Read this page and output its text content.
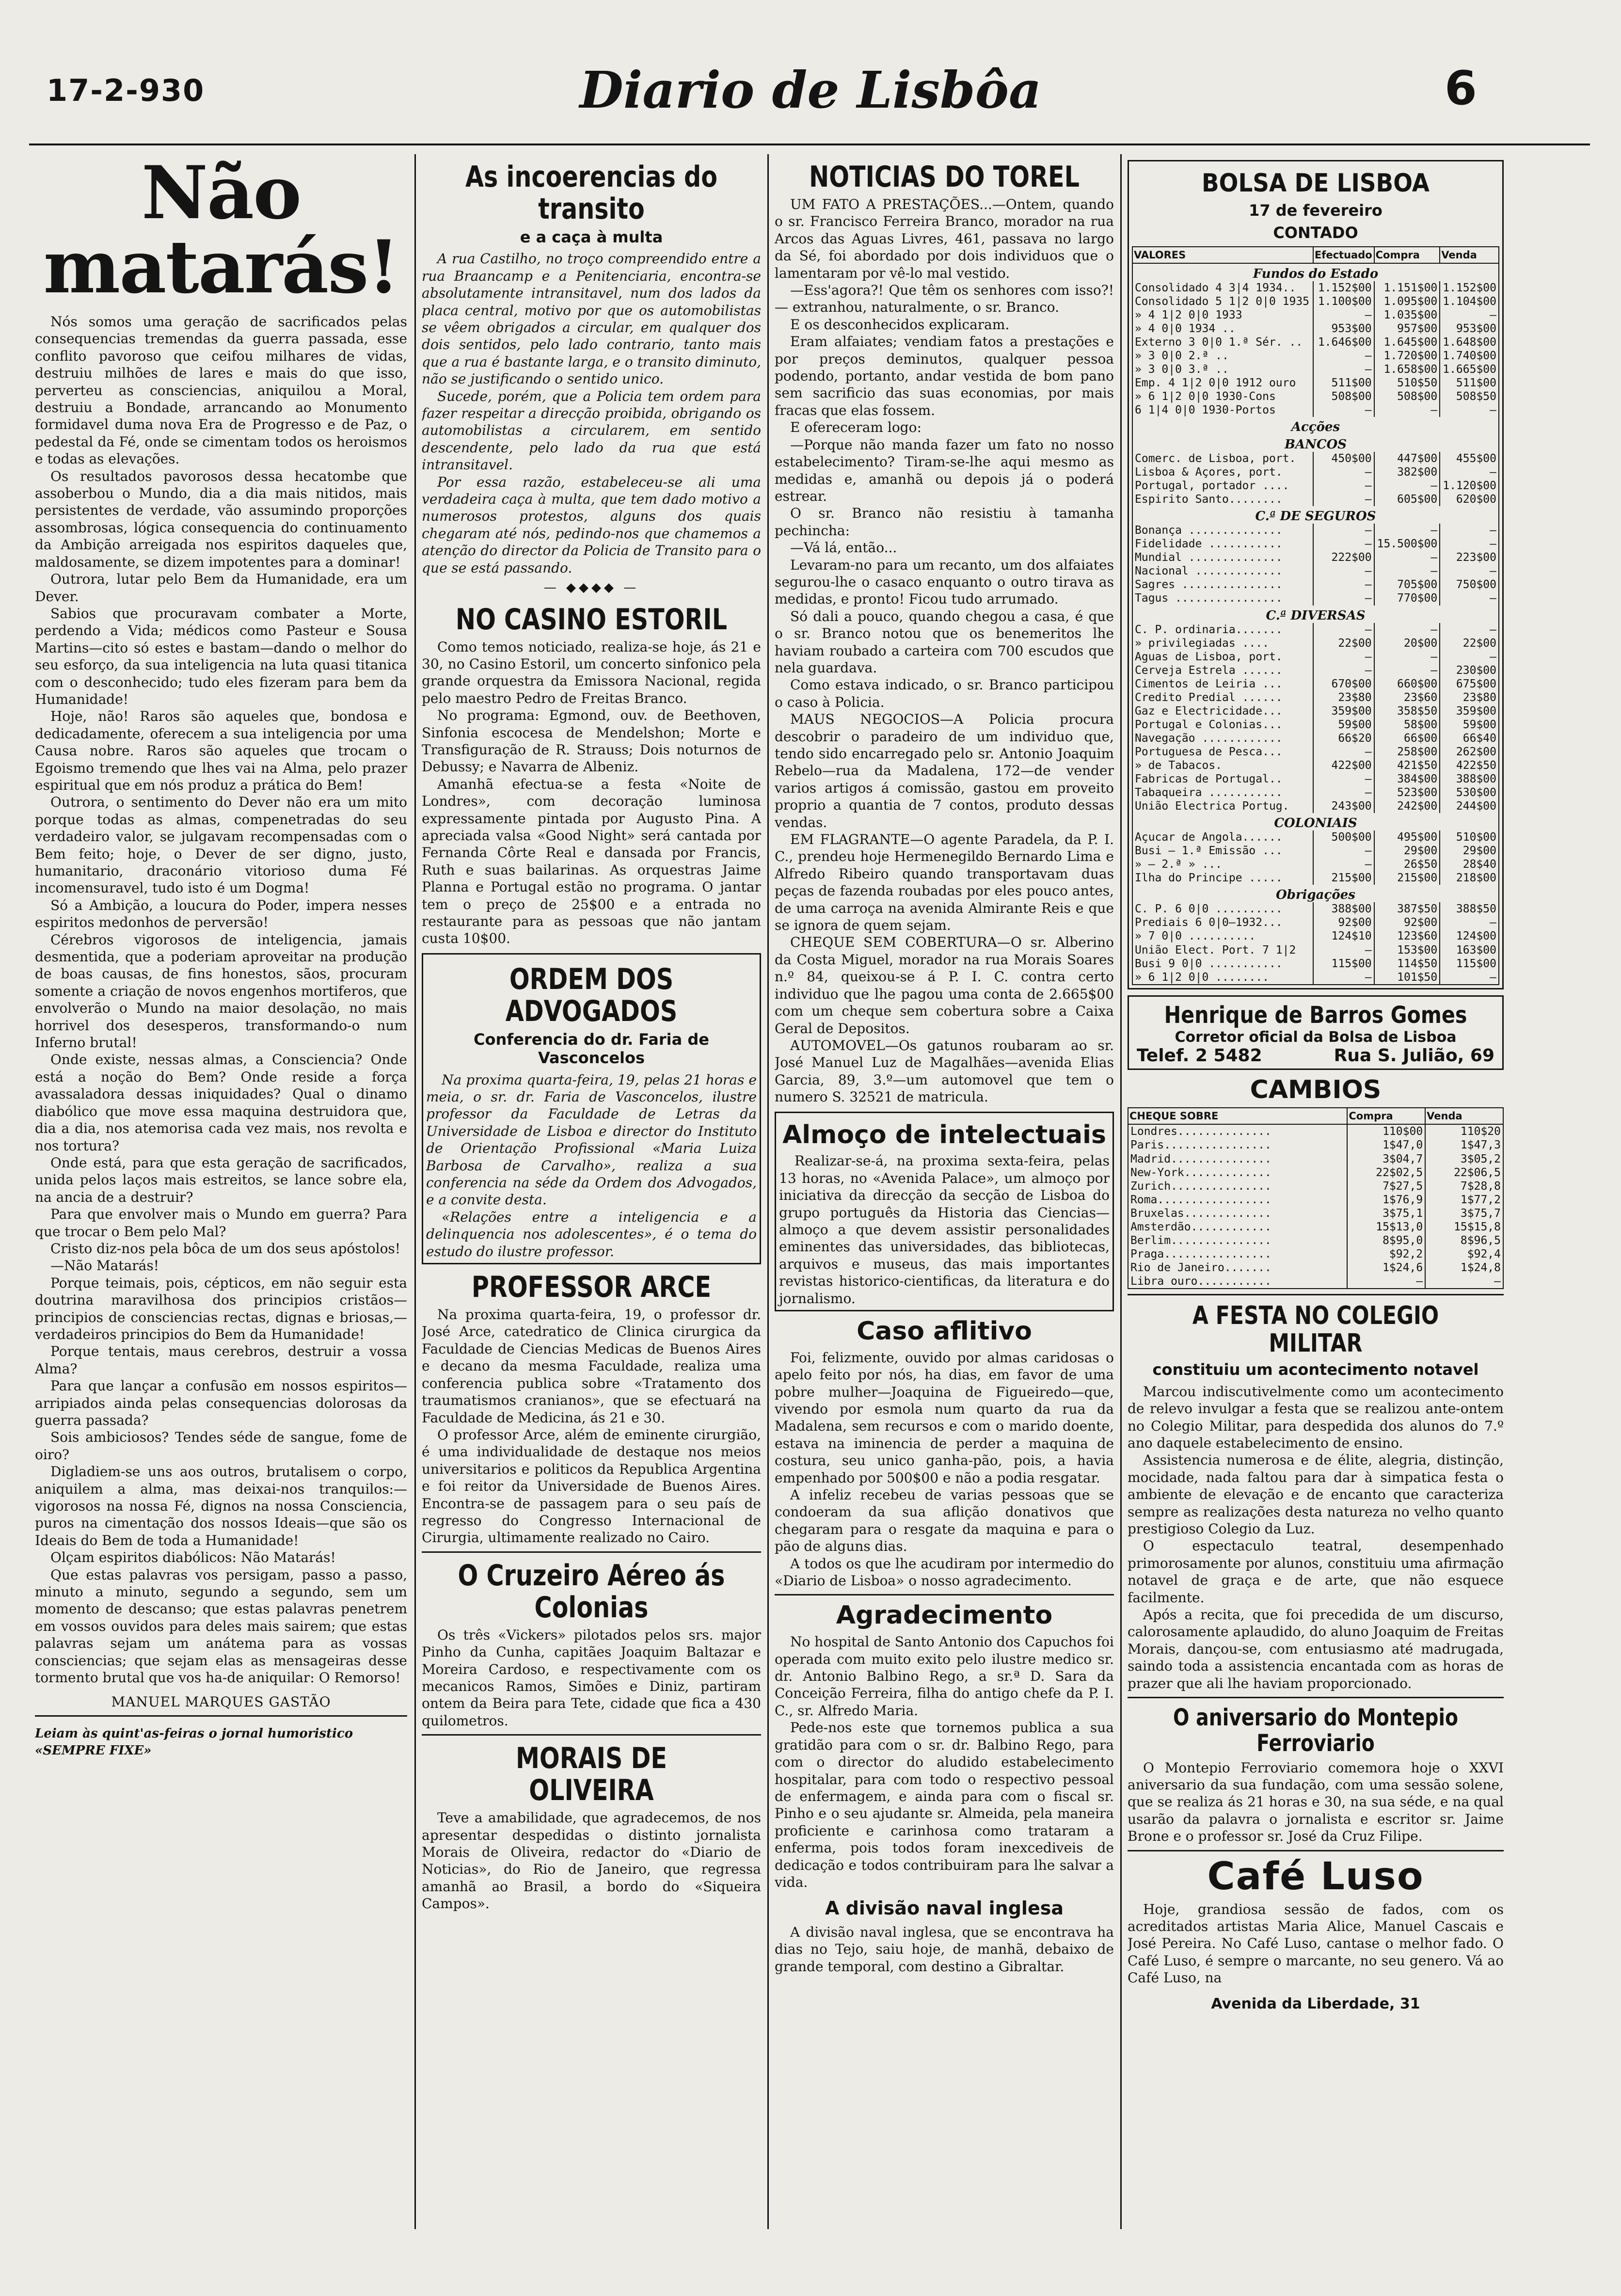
17-2-930	Diario de Lisbôa	6
Não matarás!

Nós somos uma geração de sacrificados pelas consequencias tremendas da guerra passada, esse conflito pavoroso que ceifou milhares de vidas, destruiu milhões de lares e mais do que isso, perverteu as consciencias, aniquilou a Moral, destruiu a Bondade, arrancando ao Monumento formidavel duma nova Era de Progresso e de Paz, o pedestal da Fé, onde se cimentam todos os heroismos e todas as elevações.

Os resultados pavorosos dessa hecatombe que assoberbou o Mundo, dia a dia mais nitidos, mais persistentes de verdade, vão assumindo proporções assombrosas, lógica consequencia do continuamento da Ambição arreigada nos espiritos daqueles que, maldosamente, se dizem impotentes para a dominar!

Outrora, lutar pelo Bem da Humanidade, era um Dever.

Sabios que procuravam combater a Morte, perdendo a Vida; médicos como Pasteur e Sousa Martins—cito só estes e bastam—dando o melhor do seu esforço, da sua inteligencia na luta quasi titanica com o desconhecido; tudo eles fizeram para bem da Humanidade!

Hoje, não! Raros são aqueles que, bondosa e dedicadamente, oferecem a sua inteligencia por uma Causa nobre. Raros são aqueles que trocam o Egoismo tremendo que lhes vai na Alma, pelo prazer espiritual que em nós produz a prática do Bem!

Outrora, o sentimento do Dever não era um mito porque todas as almas, compenetradas do seu verdadeiro valor, se julgavam recompensadas com o Bem feito; hoje, o Dever de ser digno, justo, humanitario, draconário vitorioso duma Fé incomensuravel, tudo isto é um Dogma!

Só a Ambição, a loucura do Poder, impera nesses espiritos medonhos de perversão!

Cérebros vigorosos de inteligencia, jamais desmentida, que a poderiam aproveitar na produção de boas causas, de fins honestos, sãos, procuram somente a criação de novos engenhos mortiferos, que envolverão o Mundo na maior desolação, no mais horrivel dos desesperos, transformando-o num Inferno brutal!

Onde existe, nessas almas, a Consciencia? Onde está a noção do Bem? Onde reside a força avassaladora dessas iniquidades? Qual o dinamo diabólico que move essa maquina destruidora que, dia a dia, nos atemorisa cada vez mais, nos revolta e nos tortura?

Onde está, para que esta geração de sacrificados, unida pelos laços mais estreitos, se lance sobre ela, na ancia de a destruir?

Para que envolver mais o Mundo em guerra? Para que trocar o Bem pelo Mal?

Cristo diz-nos pela bôca de um dos seus apóstolos!

—Não Matarás!

Porque teimais, pois, cépticos, em não seguir esta doutrina maravilhosa dos principios cristãos—principios de consciencias rectas, dignas e briosas,—verdadeiros principios do Bem da Humanidade!

Porque tentais, maus cerebros, destruir a vossa Alma?

Para que lançar a confusão em nossos espiritos—arripiados ainda pelas consequencias dolorosas da guerra passada?

Sois ambiciosos? Tendes séde de sangue, fome de oiro?

Digladiem-se uns aos outros, brutalisem o corpo, aniquilem a alma, mas deixai-nos tranquilos:—vigorosos na nossa Fé, dignos na nossa Consciencia, puros na cimentação dos nossos Ideais—que são os Ideais do Bem de toda a Humanidade!

Olçam espiritos diabólicos: Não Matarás!

Que estas palavras vos persigam, passo a passo, minuto a minuto, segundo a segundo, sem um momento de descanso; que estas palavras penetrem em vossos ouvidos para deles mais sairem; que estas palavras sejam um anátema para as vossas consciencias; que sejam elas as mensageiras desse tormento brutal que vos ha-de aniquilar: O Remorso!

MANUEL MARQUES GASTÃO
Leiam às quint'as-feiras o jornal humoristico «SEMPRE FIXE»
As incoerencias do transito
e a caça à multa

A rua Castilho, no troço compreendido entre a rua Braancamp e a Penitenciaria, encontra-se absolutamente intransitavel, num dos lados da placa central, motivo por que os automobilistas se vêem obrigados a circular, em qualquer dos dois sentidos, pelo lado contrario, tanto mais que a rua é bastante larga, e o transito diminuto, não se justificando o sentido unico.

Sucede, porém, que a Policia tem ordem para fazer respeitar a direcção proibida, obrigando os automobilistas a circularem, em sentido descendente, pelo lado da rua que está intransitavel.

Por essa razão, estabeleceu-se ali uma verdadeira caça à multa, que tem dado motivo a numerosos protestos, alguns dos quais chegaram até nós, pedindo-nos que chamemos a atenção do director da Policia de Transito para o que se está passando.

— ◆◆◆◆ —
NO CASINO ESTORIL

Como temos noticiado, realiza-se hoje, ás 21 e 30, no Casino Estoril, um concerto sinfonico pela grande orquestra da Emissora Nacional, regida pelo maestro Pedro de Freitas Branco.

No programa: Egmond, ouv. de Beethoven, Sinfonia escocesa de Mendelshon; Morte e Transfiguração de R. Strauss; Dois noturnos de Debussy; e Navarra de Albeniz.

Amanhã efectua-se a festa «Noite de Londres», com decoração luminosa expressamente pintada por Augusto Pina. A apreciada valsa «Good Night» será cantada por Fernanda Côrte Real e dansada por Francis, Ruth e suas bailarinas. As orquestras Jaime Planna e Portugal estão no programa. O jantar tem o preço de 25$00 e a entrada no restaurante para as pessoas que não jantam custa 10$00.

ORDEM DOS ADVOGADOS
Conferencia do dr. Faria de Vasconcelos

Na proxima quarta-feira, 19, pelas 21 horas e meia, o sr. dr. Faria de Vasconcelos, ilustre professor da Faculdade de Letras da Universidade de Lisboa e director do Instituto de Orientação Profissional «Maria Luiza Barbosa de Carvalho», realiza a sua conferencia na séde da Ordem dos Advogados, e a convite desta.

«Relações entre a inteligencia e a delinquencia nos adolescentes», é o tema do estudo do ilustre professor.

PROFESSOR ARCE

Na proxima quarta-feira, 19, o professor dr. José Arce, catedratico de Clinica cirurgica da Faculdade de Ciencias Medicas de Buenos Aires e decano da mesma Faculdade, realiza uma conferencia publica sobre «Tratamento dos traumatismos cranianos», que se efectuará na Faculdade de Medicina, ás 21 e 30.

O professor Arce, além de eminente cirurgião, é uma individualidade de destaque nos meios universitarios e politicos da Republica Argentina e foi reitor da Universidade de Buenos Aires. Encontra-se de passagem para o seu país de regresso do Congresso Internacional de Cirurgia, ultimamente realizado no Cairo.

O Cruzeiro Aéreo ás Colonias

Os três «Vickers» pilotados pelos srs. major Pinho da Cunha, capitães Joaquim Baltazar e Moreira Cardoso, e respectivamente com os mecanicos Ramos, Simões e Diniz, partiram ontem da Beira para Tete, cidade que fica a 430 quilometros.

MORAIS DE OLIVEIRA

Teve a amabilidade, que agradecemos, de nos apresentar despedidas o distinto jornalista Morais de Oliveira, redactor do «Diario de Noticias», do Rio de Janeiro, que regressa amanhã ao Brasil, a bordo do «Siqueira Campos».

NOTICIAS DO TOREL

UM FATO A PRESTAÇÕES...—Ontem, quando o sr. Francisco Ferreira Branco, morador na rua Arcos das Aguas Livres, 461, passava no largo da Sé, foi abordado por dois individuos que o lamentaram por vê-lo mal vestido.

—Ess'agora?! Que têm os senhores com isso?!— extranhou, naturalmente, o sr. Branco.

E os desconhecidos explicaram.

Eram alfaiates; vendiam fatos a prestações e por preços deminutos, qualquer pessoa podendo, portanto, andar vestida de bom pano sem sacrificio das suas economias, por mais fracas que elas fossem.

E ofereceram logo:

—Porque não manda fazer um fato no nosso estabelecimento? Tiram-se-lhe aqui mesmo as medidas e, amanhã ou depois já o poderá estrear.

O sr. Branco não resistiu à tamanha pechincha:

—Vá lá, então...

Levaram-no para um recanto, um dos alfaiates segurou-lhe o casaco enquanto o outro tirava as medidas, e pronto! Ficou tudo arrumado.

Só dali a pouco, quando chegou a casa, é que o sr. Branco notou que os benemeritos lhe haviam roubado a carteira com 700 escudos que nela guardava.

Como estava indicado, o sr. Branco participou o caso à Policia.

MAUS NEGOCIOS—A Policia procura descobrir o paradeiro de um individuo que, tendo sido encarregado pelo sr. Antonio Joaquim Rebelo—rua da Madalena, 172—de vender varios artigos á comissão, gastou em proveito proprio a quantia de 7 contos, produto dessas vendas.

EM FLAGRANTE—O agente Paradela, da P. I. C., prendeu hoje Hermenegildo Bernardo Lima e Alfredo Ribeiro quando transportavam duas peças de fazenda roubadas por eles pouco antes, de uma carroça na avenida Almirante Reis e que se ignora de quem sejam.

CHEQUE SEM COBERTURA—O sr. Alberino da Costa Miguel, morador na rua Morais Soares n.º 84, queixou-se á P. I. C. contra certo individuo que lhe pagou uma conta de 2.665$00 com um cheque sem cobertura sobre a Caixa Geral de Depositos.

AUTOMOVEL—Os gatunos roubaram ao sr. José Manuel Luz de Magalhães—avenida Elias Garcia, 89, 3.º—um automovel que tem o numero S. 32521 de matricula.

Almoço de intelectuais

Realizar-se-á, na proxima sexta-feira, pelas 13 horas, no «Avenida Palace», um almoço por iniciativa da direcção da secção de Lisboa do grupo português da Historia das Ciencias—almoço a que devem assistir personalidades eminentes das universidades, das bibliotecas, arquivos e museus, das mais importantes revistas historico-cientificas, da literatura e do jornalismo.

Caso aflitivo

Foi, felizmente, ouvido por almas caridosas o apelo feito por nós, ha dias, em favor de uma pobre mulher—Joaquina de Figueiredo—que, vivendo por esmola num quarto da rua da Madalena, sem recursos e com o marido doente, estava na iminencia de perder a maquina de costura, seu unico ganha-pão, pois, a havia empenhado por 500$00 e não a podia resgatar.

A infeliz recebeu de varias pessoas que se condoeram da sua aflição donativos que chegaram para o resgate da maquina e para o pão de alguns dias.

A todos os que lhe acudiram por intermedio do «Diario de Lisboa» o nosso agradecimento.

Agradecimento

No hospital de Santo Antonio dos Capuchos foi operada com muito exito pelo ilustre medico sr. dr. Antonio Balbino Rego, a sr.ª D. Sara da Conceição Ferreira, filha do antigo chefe da P. I. C., sr. Alfredo Maria.

Pede-nos este que tornemos publica a sua gratidão para com o sr. dr. Balbino Rego, para com o director do aludido estabelecimento hospitalar, para com todo o respectivo pessoal de enfermagem, e ainda para com o fiscal sr. Pinho e o seu ajudante sr. Almeida, pela maneira proficiente e carinhosa como trataram a enferma, pois todos foram inexcediveis de dedicação e todos contribuiram para lhe salvar a vida.

A divisão naval inglesa

A divisão naval inglesa, que se encontrava ha dias no Tejo, saiu hoje, de manhã, debaixo de grande temporal, com destino a Gibraltar.

BOLSA DE LISBOA
17 de fevereiro
CONTADO
VALORES	Efectuado	Compra	Venda
Fundos do Estado			
Consolidado 4 3|4 1934..	1.152$00	1.151$00	1.152$00
Consolidado 5 1|2 0|0 1935	1.100$00	1.095$00	1.104$00
» 4 1|2 0|0 1933	—	1.035$00	—
» 4 0|0 1934 ..	953$00	957$00	953$00
Externo 3 0|0 1.ª Sér. ..	1.646$00	1.645$00	1.648$00
» 3 0|0 2.ª ..	—	1.720$00	1.740$00
» 3 0|0 3.ª ..	—	1.658$00	1.665$00
Emp. 4 1|2 0|0 1912 ouro	511$00	510$50	511$00
» 6 1|2 0|0 1930-Cons	508$00	508$00	508$50
6 1|4 0|0 1930-Portos	—	—	—
Acções			
BANCOS			
Comerc. de Lisboa, port.	450$00	447$00	455$00
Lisboa & Açores, port.	—	382$00	—
Portugal, portador ....	—	—	1.120$00
Espirito Santo........	—	605$00	620$00
C.ª DE SEGUROS			
Bonança ..............	—	—	—
Fidelidade ...........	—	15.500$00	—
Mundial ..............	222$00	—	223$00
Nacional .............	—	—	—
Sagres ...............	—	705$00	750$00
Tagus ................	—	770$00	—
C.ª DIVERSAS			
C. P. ordinaria.......	—	—	—
» privilegiadas ....	22$00	20$00	22$00
Aguas de Lisboa, port.	—	—	—
Cerveja Estrela ......	—	—	230$00
Cimentos de Leiria ...	670$00	660$00	675$00
Credito Predial ......	23$80	23$60	23$80
Gaz e Electricidade...	359$00	358$50	359$00
Portugal e Colonias...	59$00	58$00	59$00
Navegação ............	66$20	66$00	66$40
Portuguesa de Pesca...	—	258$00	262$00
» de Tabacos.	422$00	421$50	422$50
Fabricas de Portugal..	—	384$00	388$00
Tabaqueira ...........	—	523$00	530$00
União Electrica Portug.	243$00	242$00	244$00
COLONIAIS			
Açucar de Angola......	500$00	495$00	510$00
Busi — 1.ª Emissão ...	—	29$00	29$00
» — 2.ª » ...	—	26$50	28$40
Ilha do Principe .....	215$00	215$00	218$00
Obrigações			
C. P. 6 0|0 ..........	388$00	387$50	388$50
Prediais 6 0|0—1932...	92$00	92$00	—
» 7 0|0 ..........	124$10	123$60	124$00
União Elect. Port. 7 1|2	—	153$00	163$00
Busi 9 0|0 ...........	115$00	114$50	115$00
» 6 1|2 0|0 ........	—	101$50	—
Henrique de Barros Gomes
Corretor oficial da Bolsa de Lisboa
Telef. 2 5482	Rua S. Julião, 69
CAMBIOS
CHEQUE SOBRE	Compra	Venda
Londres..............	110$00	110$20
Paris................	1$47,0	1$47,3
Madrid...............	3$04,7	3$05,2
New-York.............	22$02,5	22$06,5
Zurich...............	7$27,5	7$28,8
Roma.................	1$76,9	1$77,2
Bruxelas.............	3$75,1	3$75,7
Amsterdão............	15$13,0	15$15,8
Berlim...............	8$95,0	8$96,5
Praga................	$92,2	$92,4
Rio de Janeiro.......	1$24,6	1$24,8
Libra ouro...........	—	—
A FESTA NO COLEGIO MILITAR
constituiu um acontecimento notavel

Marcou indiscutivelmente como um acontecimento de relevo invulgar a festa que se realizou ante-ontem no Colegio Militar, para despedida dos alunos do 7.º ano daquele estabelecimento de ensino.

Assistencia numerosa e de élite, alegria, distinção, mocidade, nada faltou para dar à simpatica festa o ambiente de elevação e de encanto que caracteriza sempre as realizações desta natureza no velho quanto prestigioso Colegio da Luz.

O espectaculo teatral, desempenhado primorosamente por alunos, constituiu uma afirmação notavel de graça e de arte, que não esquece facilmente.

Após a recita, que foi precedida de um discurso, calorosamente aplaudido, do aluno Joaquim de Freitas Morais, dançou-se, com entusiasmo até madrugada, saindo toda a assistencia encantada com as horas de prazer que ali lhe haviam proporcionado.

O aniversario do Montepio Ferroviario

O Montepio Ferroviario comemora hoje o XXVI aniversario da sua fundação, com uma sessão solene, que se realiza ás 21 horas e 30, na sua séde, e na qual usarão da palavra o jornalista e escritor sr. Jaime Brone e o professor sr. José da Cruz Filipe.

Café Luso

Hoje, grandiosa sessão de fados, com os acreditados artistas Maria Alice, Manuel Cascais e José Pereira. No Café Luso, cantase o melhor fado. O Café Luso, é sempre o marcante, no seu genero. Vá ao Café Luso, na

Avenida da Liberdade, 31
